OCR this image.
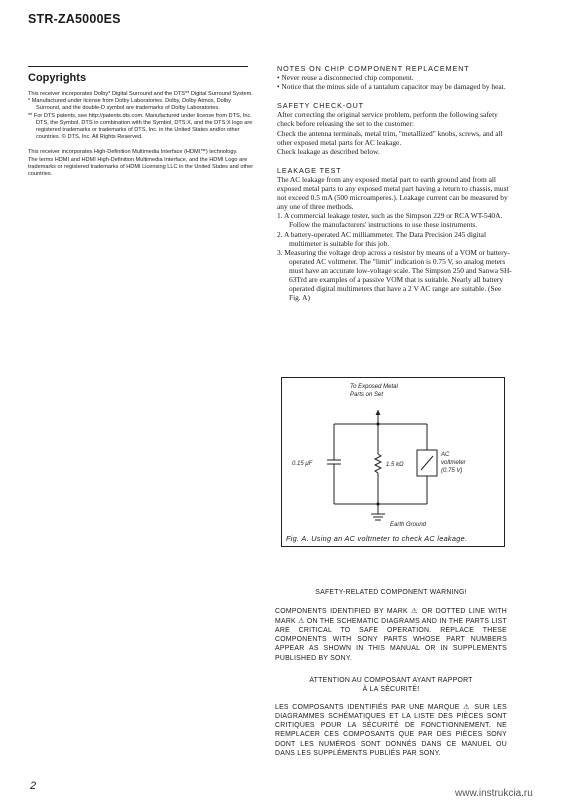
STR-ZA5000ES
Copyrights

This receiver incorporates Dolby* Digital Surround and the DTS** Digital Surround System.

* Manufactured under license from Dolby Laboratories. Dolby, Dolby Atmos, Dolby Surround, and the double-D symbol are trademarks of Dolby Laboratories.

** For DTS patents, see http://patents.dts.com. Manufactured under license from DTS, Inc. DTS, the Symbol, DTS in combination with the Symbol, DTS:X, and the DTS:X logo are registered trademarks or trademarks of DTS, Inc. in the United States and/or other countries. © DTS, Inc. All Rights Reserved.

This receiver incorporates High-Definition Multimedia Interface (HDMI™) technology.

The terms HDMI and HDMI High-Definition Multimedia Interface, and the HDMI Logo are trademarks or registered trademarks of HDMI Licensing LLC in the United States and other countries.

NOTES ON CHIP COMPONENT REPLACEMENT

• Never reuse a disconnected chip component.

• Notice that the minus side of a tantalum capacitor may be damaged by heat.

SAFETY CHECK-OUT

After correcting the original service problem, perform the following safety check before releasing the set to the customer:

Check the antenna terminals, metal trim, "metallized" knobs, screws, and all other exposed metal parts for AC leakage.

Check leakage as described below.

LEAKAGE TEST

The AC leakage from any exposed metal part to earth ground and from all exposed metal parts to any exposed metal part having a return to chassis, must not exceed 0.5 mA (500 microamperes.). Leakage current can be measured by any one of three methods.

1. A commercial leakage tester, such as the Simpson 229 or RCA WT-540A. Follow the manufacturers' instructions to use these instruments.

2. A battery-operated AC milliammeter. The Data Precision 245 digital multimeter is suitable for this job.

3. Measuring the voltage drop across a resistor by means of a VOM or battery-operated AC voltmeter. The "limit" indication is 0.75 V, so analog meters must have an accurate low-voltage scale. The Simpson 250 and Sanwa SH-63Trd are examples of a passive VOM that is suitable. Nearly all battery operated digital multimeters that have a 2 V AC range are suitable. (See Fig. A)

To Exposed Metal
Parts on Set
0.15 μF	1.5 kΩ
AC
voltmeter
(0.75 V)
Earth Ground
Fig. A. Using an AC voltmeter to check AC leakage.

SAFETY-RELATED COMPONENT WARNING!

COMPONENTS IDENTIFIED BY MARK ⚠ OR DOTTED LINE WITH MARK ⚠ ON THE SCHEMATIC DIAGRAMS AND IN THE PARTS LIST ARE CRITICAL TO SAFE OPERATION. REPLACE THESE COMPONENTS WITH SONY PARTS WHOSE PART NUMBERS APPEAR AS SHOWN IN THIS MANUAL OR IN SUPPLEMENTS PUBLISHED BY SONY.

ATTENTION AU COMPOSANT AYANT RAPPORT

À LA SÉCURITÉ!

LES COMPOSANTS IDENTIFIÉS PAR UNE MARQUE ⚠ SUR LES DIAGRAMMES SCHÉMATIQUES ET LA LISTE DES PIÈCES SONT CRITIQUES POUR LA SÉCURITÉ DE FONCTIONNEMENT. NE REMPLACER CES COMPOSANTS QUE PAR DES PIÈCES SONY DONT LES NUMÉROS SONT DONNÉS DANS CE MANUEL OU DANS LES SUPPLÉMENTS PUBLIÉS PAR SONY.

2
www.instrukcia.ru
